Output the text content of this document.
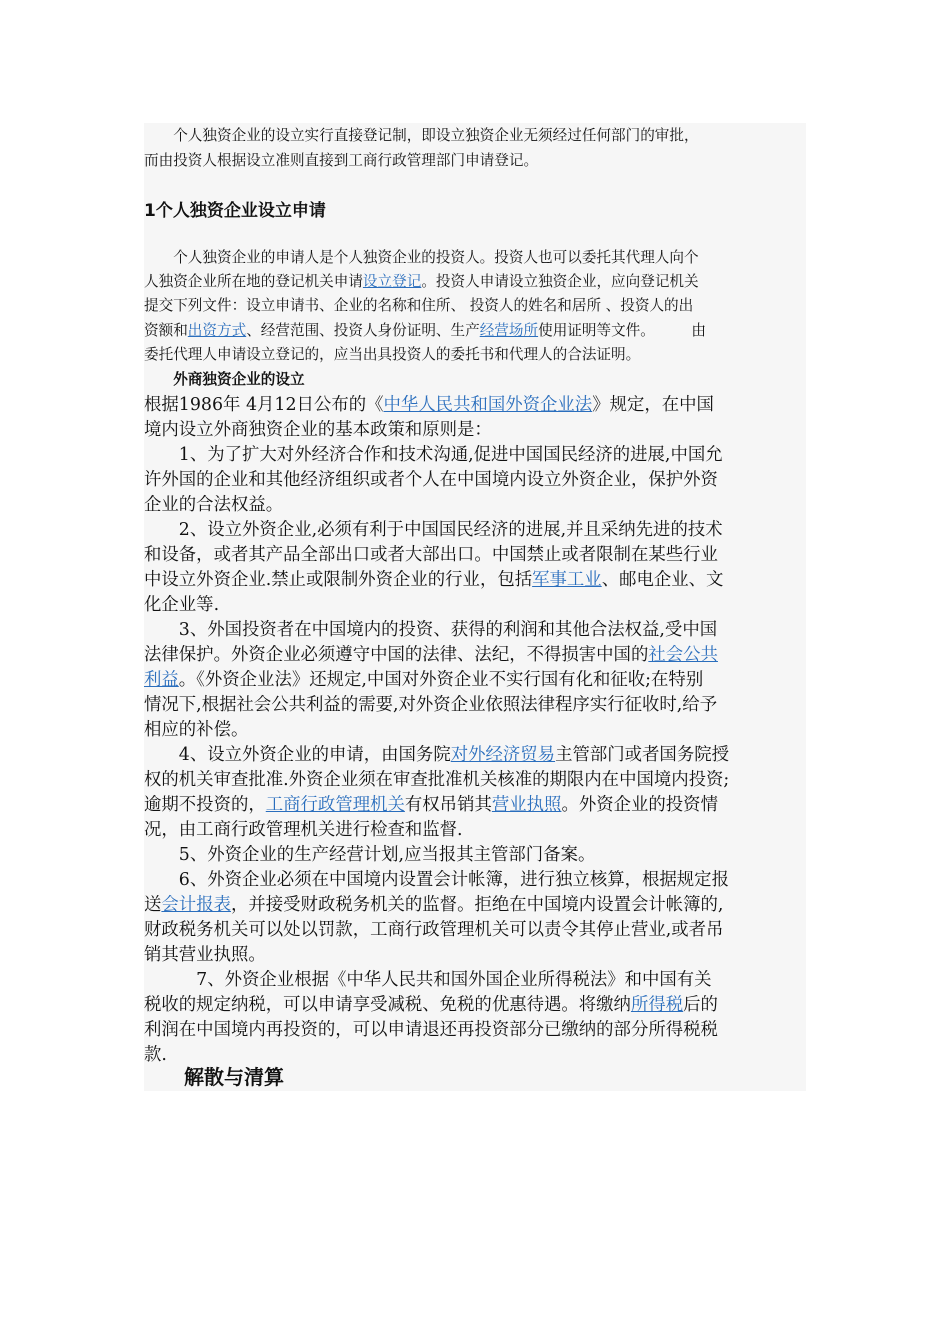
　　个人独资企业的设立实行直接登记制，即设立独资企业无须经过任何部门的审批，
而由投资人根据设立准则直接到工商行政管理部门申请登记。
1个人独资企业设立申请
　　个人独资企业的申请人是个人独资企业的投资人。投资人也可以委托其代理人向个
人独资企业所在地的登记机关申请设立登记。投资人申请设立独资企业，应向登记机关
提交下列文件：设立申请书、企业的名称和住所、 投资人的姓名和居所 、投资人的出
资额和出资方式、经营范围、投资人身份证明、生产经营场所使用证明等文件。　　　由
委托代理人申请设立登记的，应当出具投资人的委托书和代理人的合法证明。
　　外商独资企业的设立
根据1986年 4月12日公布的《中华人民共和国外资企业法》规定，在中国
境内设立外商独资企业的基本政策和原则是：
　　1、为了扩大对外经济合作和技术沟通,促进中国国民经济的进展,中国允
许外国的企业和其他经济组织或者个人在中国境内设立外资企业，保护外资
企业的合法权益。
　　2、设立外资企业,必须有利于中国国民经济的进展,并且采纳先进的技术
和设备，或者其产品全部出口或者大部出口。中国禁止或者限制在某些行业
中设立外资企业.禁止或限制外资企业的行业，包括军事工业、邮电企业、文
化企业等.
　　3、外国投资者在中国境内的投资、获得的利润和其他合法权益,受中国
法律保护。外资企业必须遵守中国的法律、法纪，不得损害中国的社会公共
利益。《外资企业法》还规定,中国对外资企业不实行国有化和征收;在特别
情况下,根据社会公共利益的需要,对外资企业依照法律程序实行征收时,给予
相应的补偿。
　　4、设立外资企业的申请，由国务院对外经济贸易主管部门或者国务院授
权的机关审查批准.外资企业须在审查批准机关核准的期限内在中国境内投资;
逾期不投资的，工商行政管理机关有权吊销其营业执照。外资企业的投资情
况，由工商行政管理机关进行检查和监督.
　　5、外资企业的生产经营计划,应当报其主管部门备案。
　　6、外资企业必须在中国境内设置会计帐簿，进行独立核算，根据规定报
送会计报表，并接受财政税务机关的监督。拒绝在中国境内设置会计帐簿的,
财政税务机关可以处以罚款，工商行政管理机关可以责令其停止营业,或者吊
销其营业执照。
　　　7、外资企业根据《中华人民共和国外国企业所得税法》和中国有关
税收的规定纳税，可以申请享受减税、免税的优惠待遇。将缴纳所得税后的
利润在中国境内再投资的，可以申请退还再投资部分已缴纳的部分所得税税
款.
　　解散与清算
